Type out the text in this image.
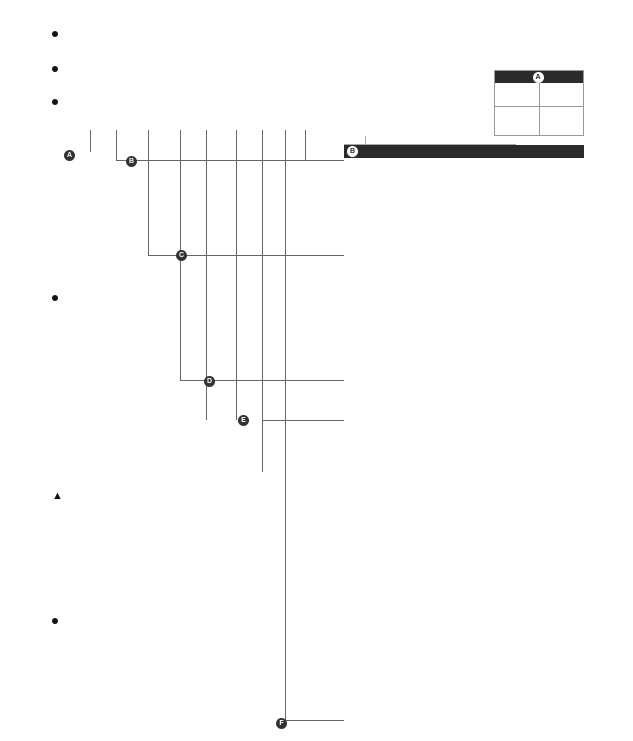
A
B
C
D
E
F
▲
B
A
